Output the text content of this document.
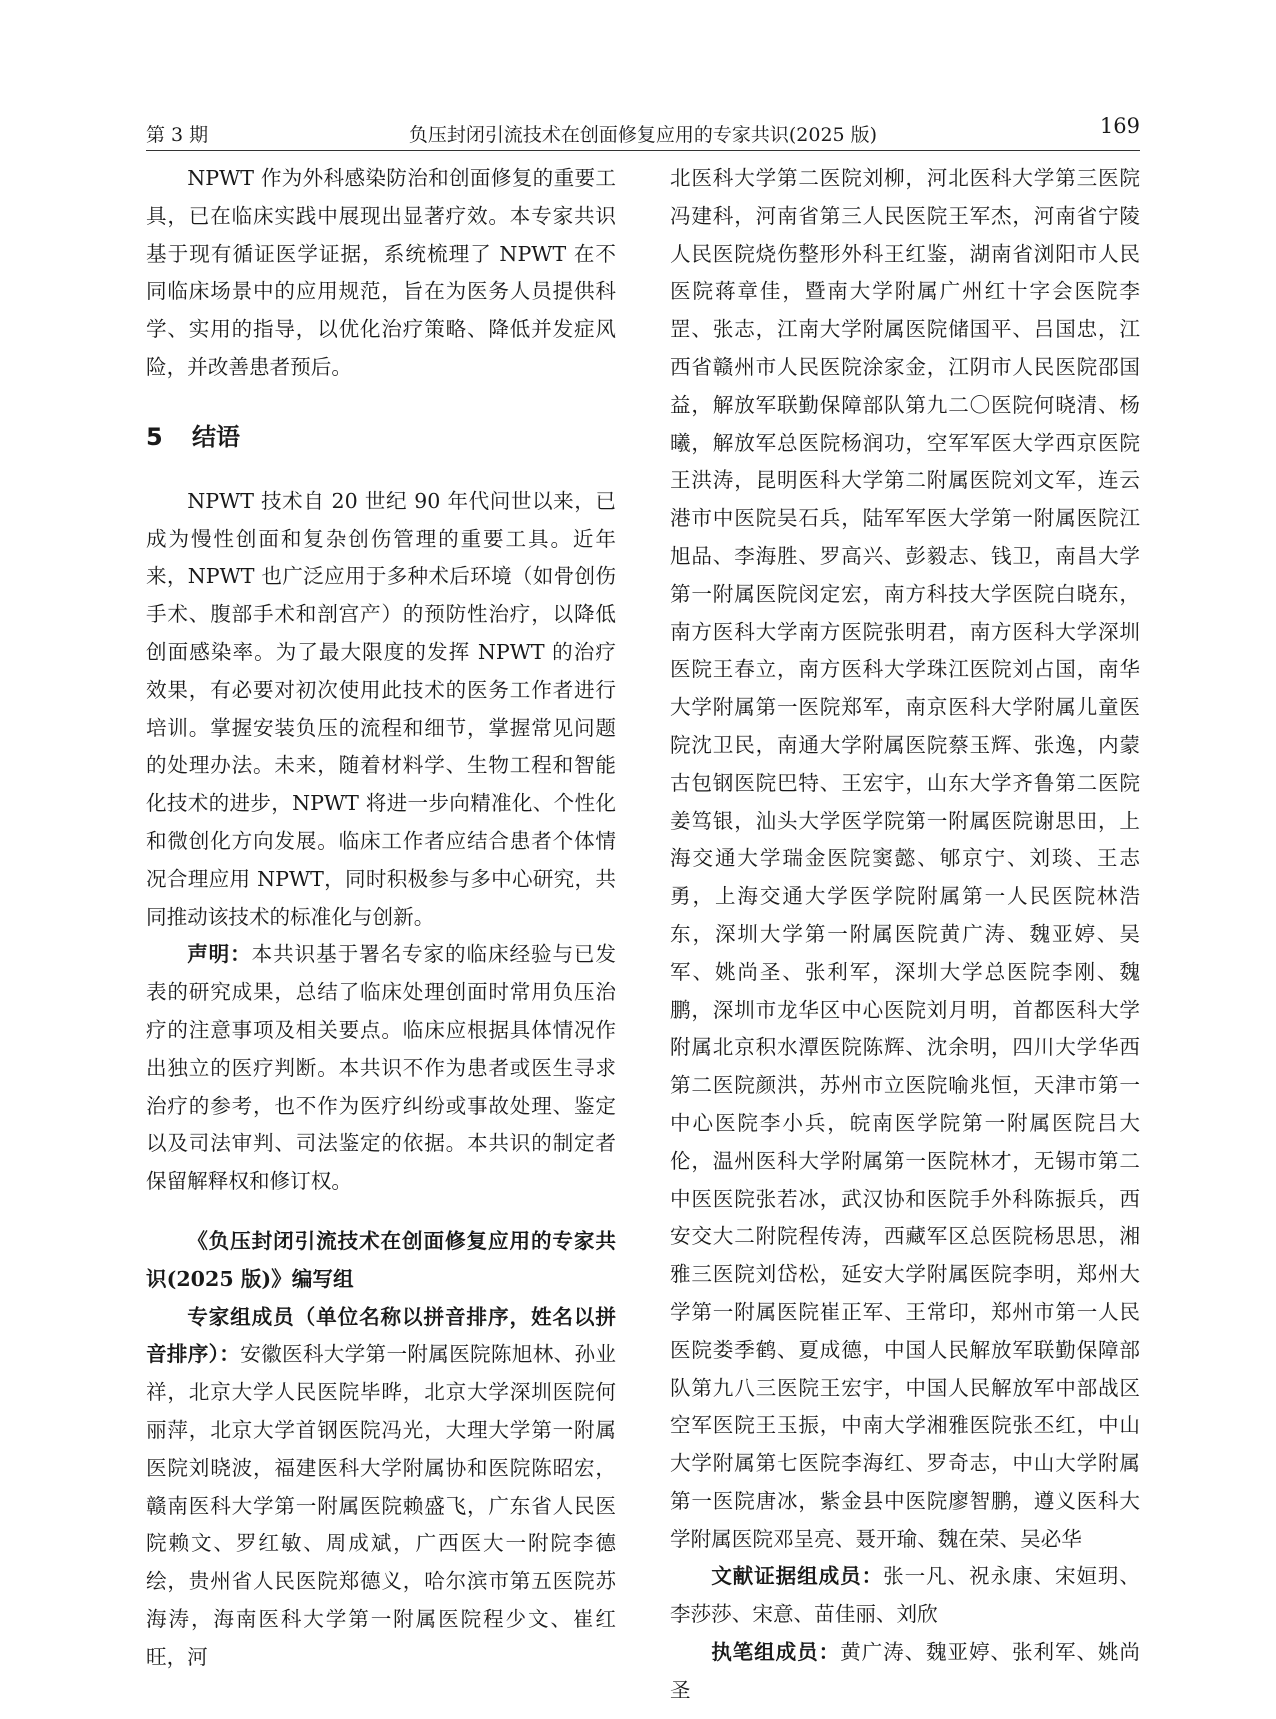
第 3 期	负压封闭引流技术在创面修复应用的专家共识(2025 版)	169

NPWT 作为外科感染防治和创面修复的重要工具，已在临床实践中展现出显著疗效。本专家共识基于现有循证医学证据，系统梳理了 NPWT 在不同临床场景中的应用规范，旨在为医务人员提供科学、实用的指导，以优化治疗策略、降低并发症风险，并改善患者预后。

5 结语

NPWT 技术自 20 世纪 90 年代问世以来，已成为慢性创面和复杂创伤管理的重要工具。近年来，NPWT 也广泛应用于多种术后环境（如骨创伤手术、腹部手术和剖宫产）的预防性治疗，以降低创面感染率。为了最大限度的发挥 NPWT 的治疗效果，有必要对初次使用此技术的医务工作者进行培训。掌握安装负压的流程和细节，掌握常见问题的处理办法。未来，随着材料学、生物工程和智能化技术的进步，NPWT 将进一步向精准化、个性化和微创化方向发展。临床工作者应结合患者个体情况合理应用 NPWT，同时积极参与多中心研究，共同推动该技术的标准化与创新。

声明：本共识基于署名专家的临床经验与已发表的研究成果，总结了临床处理创面时常用负压治疗的注意事项及相关要点。临床应根据具体情况作出独立的医疗判断。本共识不作为患者或医生寻求治疗的参考，也不作为医疗纠纷或事故处理、鉴定以及司法审判、司法鉴定的依据。本共识的制定者保留解释权和修订权。

《负压封闭引流技术在创面修复应用的专家共识(2025 版)》编写组

专家组成员（单位名称以拼音排序，姓名以拼音排序）：安徽医科大学第一附属医院陈旭林、孙业祥，北京大学人民医院毕晔，北京大学深圳医院何丽萍，北京大学首钢医院冯光，大理大学第一附属医院刘晓波，福建医科大学附属协和医院陈昭宏，赣南医科大学第一附属医院赖盛飞，广东省人民医院赖文、罗红敏、周成斌，广西医大一附院李德绘，贵州省人民医院郑德义，哈尔滨市第五医院苏海涛，海南医科大学第一附属医院程少文、崔红旺，河

北医科大学第二医院刘柳，河北医科大学第三医院冯建科，河南省第三人民医院王军杰，河南省宁陵人民医院烧伤整形外科王红鉴，湖南省浏阳市人民医院蒋章佳，暨南大学附属广州红十字会医院李罡、张志，江南大学附属医院储国平、吕国忠，江西省赣州市人民医院涂家金，江阴市人民医院邵国益，解放军联勤保障部队第九二〇医院何晓清、杨曦，解放军总医院杨润功，空军军医大学西京医院王洪涛，昆明医科大学第二附属医院刘文军，连云港市中医院吴石兵，陆军军医大学第一附属医院江旭品、李海胜、罗高兴、彭毅志、钱卫，南昌大学第一附属医院闵定宏，南方科技大学医院白晓东，南方医科大学南方医院张明君，南方医科大学深圳医院王春立，南方医科大学珠江医院刘占国，南华大学附属第一医院郑军，南京医科大学附属儿童医院沈卫民，南通大学附属医院蔡玉辉、张逸，内蒙古包钢医院巴特、王宏宇，山东大学齐鲁第二医院姜笃银，汕头大学医学院第一附属医院谢思田，上海交通大学瑞金医院窦懿、郇京宁、刘琰、王志勇，上海交通大学医学院附属第一人民医院林浩东，深圳大学第一附属医院黄广涛、魏亚婷、吴军、姚尚圣、张利军，深圳大学总医院李刚、魏鹏，深圳市龙华区中心医院刘月明，首都医科大学附属北京积水潭医院陈辉、沈余明，四川大学华西第二医院颜洪，苏州市立医院喻兆恒，天津市第一中心医院李小兵，皖南医学院第一附属医院吕大伦，温州医科大学附属第一医院林才，无锡市第二中医医院张若冰，武汉协和医院手外科陈振兵，西安交大二附院程传涛，西藏军区总医院杨思思，湘雅三医院刘岱松，延安大学附属医院李明，郑州大学第一附属医院崔正军、王常印，郑州市第一人民医院娄季鹤、夏成德，中国人民解放军联勤保障部队第九八三医院王宏宇，中国人民解放军中部战区空军医院王玉振，中南大学湘雅医院张丕红，中山大学附属第七医院李海红、罗奇志，中山大学附属第一医院唐冰，紫金县中医院廖智鹏，遵义医科大学附属医院邓呈亮、聂开瑜、魏在荣、吴必华

文献证据组成员：张一凡、祝永康、宋姮玥、李莎莎、宋意、苗佳丽、刘欣

执笔组成员：黄广涛、魏亚婷、张利军、姚尚圣
